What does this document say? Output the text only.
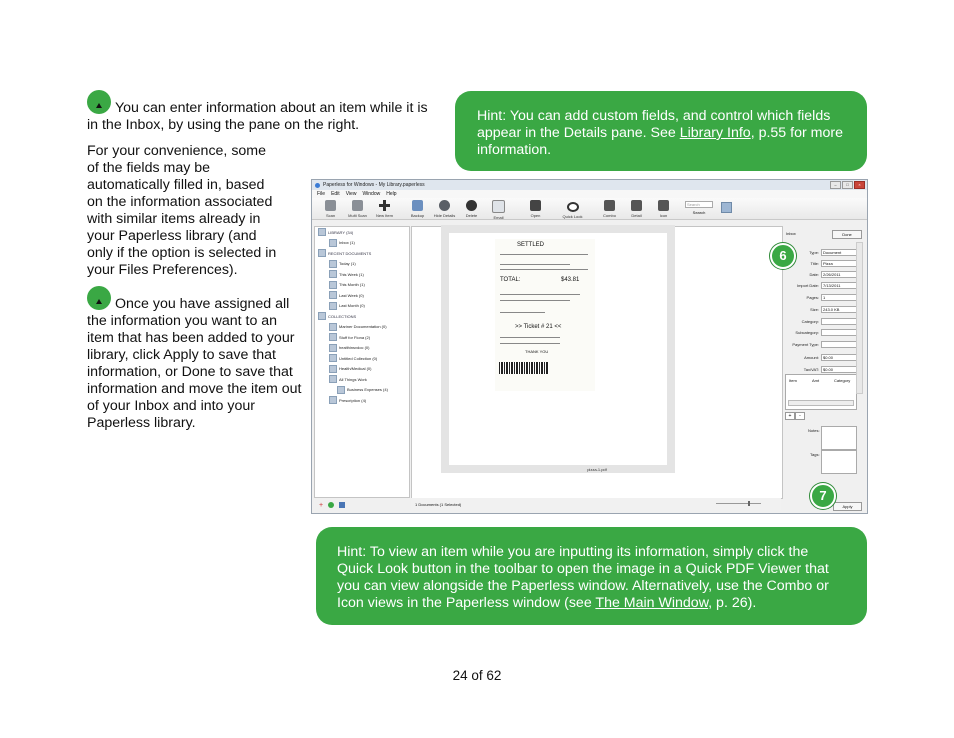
You can enter information about an item while it is in the Inbox, by using the pane on the right.
For your convenience, some
of the fields may be
automatically filled in, based
on the information associated
with similar items already in
your Paperless library (and
only if the option is selected in
your Files Preferences).
Once you have assigned all the information you want to an item that has been added to your library, click Apply to save that information, or Done to save that information and move the item out of your Inbox and into your Paperless library.
Hint: You can add custom fields, and control which fields appear in the Details pane. See Library Info, p.55 for more information.
Hint: To view an item while you are inputting its information, simply click the Quick Look button in the toolbar to open the image in a Quick PDF Viewer that you can view alongside the Paperless window. Alternatively, use the Combo or Icon views in the Paperless window (see The Main Window, p. 26).
24 of 62
Paperless for Windows - My Library.paperless	–	□	×
File Edit View Window Help
Scan	Multi Scan New Item	Backup Hide Details	Delete	Email	Open	Quick Look	Combo	Detail	Icon
Search
Search
LIBRARY (34)
Inbox (1)
RECENT DOCUMENTS
Today (1)
This Week (1)
This Month (1)
Last Week (0)
Last Month (0)
COLLECTIONS
Mariner Documentation (0)
Stuff for Fiona (2)
healthinsvdoc (0)
Untitled Collection (0)
Health/Medical (0)
All Things Work
Business Expenses (4)
Prescription (4)
+
SETTLED
TOTAL:	$43.81
>> Ticket # 21 <<
THANK YOU
pizza-1.pdf
1 Documents (1 Selected)
Inbox	Done
Type:	Document
Title:	Pizza
Date:	2/26/2011
Import Date:	7/13/2011
Pages:	1
Size:	243.0 KB
Category:
Subcategory:
Payment Type:
Amount:	$0.00
Tax/VAT:	$0.00
Item	Amt	Category
+	-
Notes:
Tags:
Apply
6
7
